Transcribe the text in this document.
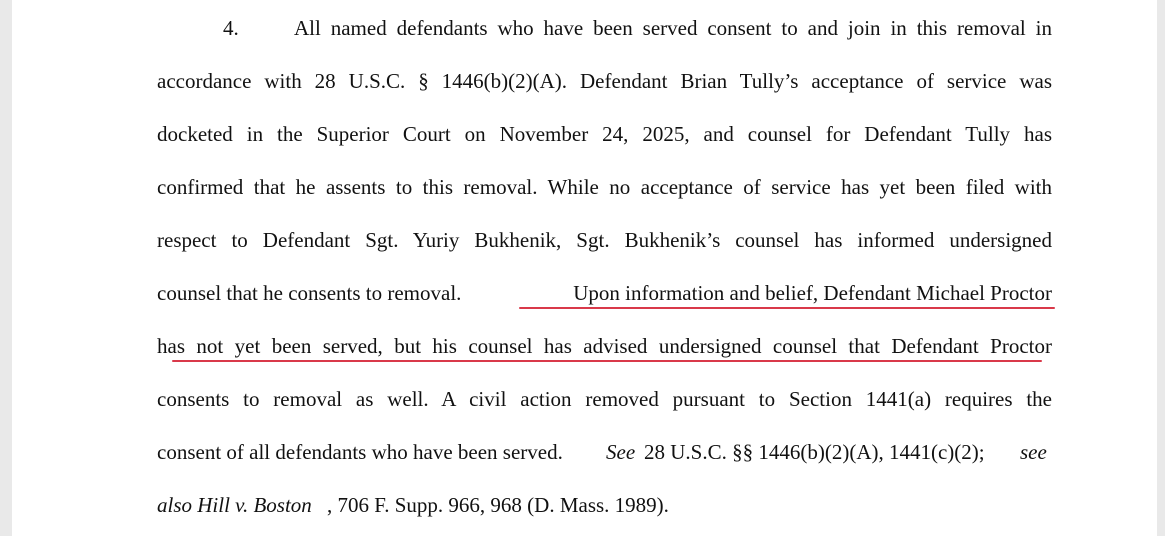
4.	All named defendants who have been served consent to and join in this removal in
accordance with 28 U.S.C. § 1446(b)(2)(A). Defendant Brian Tully’s acceptance of service was
docketed in the Superior Court on November 24, 2025, and counsel for Defendant Tully has
confirmed that he assents to this removal. While no acceptance of service has yet been filed with
respect to Defendant Sgt. Yuriy Bukhenik, Sgt. Bukhenik’s counsel has informed undersigned
counsel that he consents to removal.	Upon information and belief, Defendant Michael Proctor
has not yet been served, but his counsel has advised undersigned counsel that Defendant Proctor
consents to removal as well. A civil action removed pursuant to Section 1441(a) requires the
consent of all defendants who have been served. See 28 U.S.C. §§ 1446(b)(2)(A), 1441(c)(2); see
also Hill v. Boston , 706 F. Supp. 966, 968 (D. Mass. 1989).
